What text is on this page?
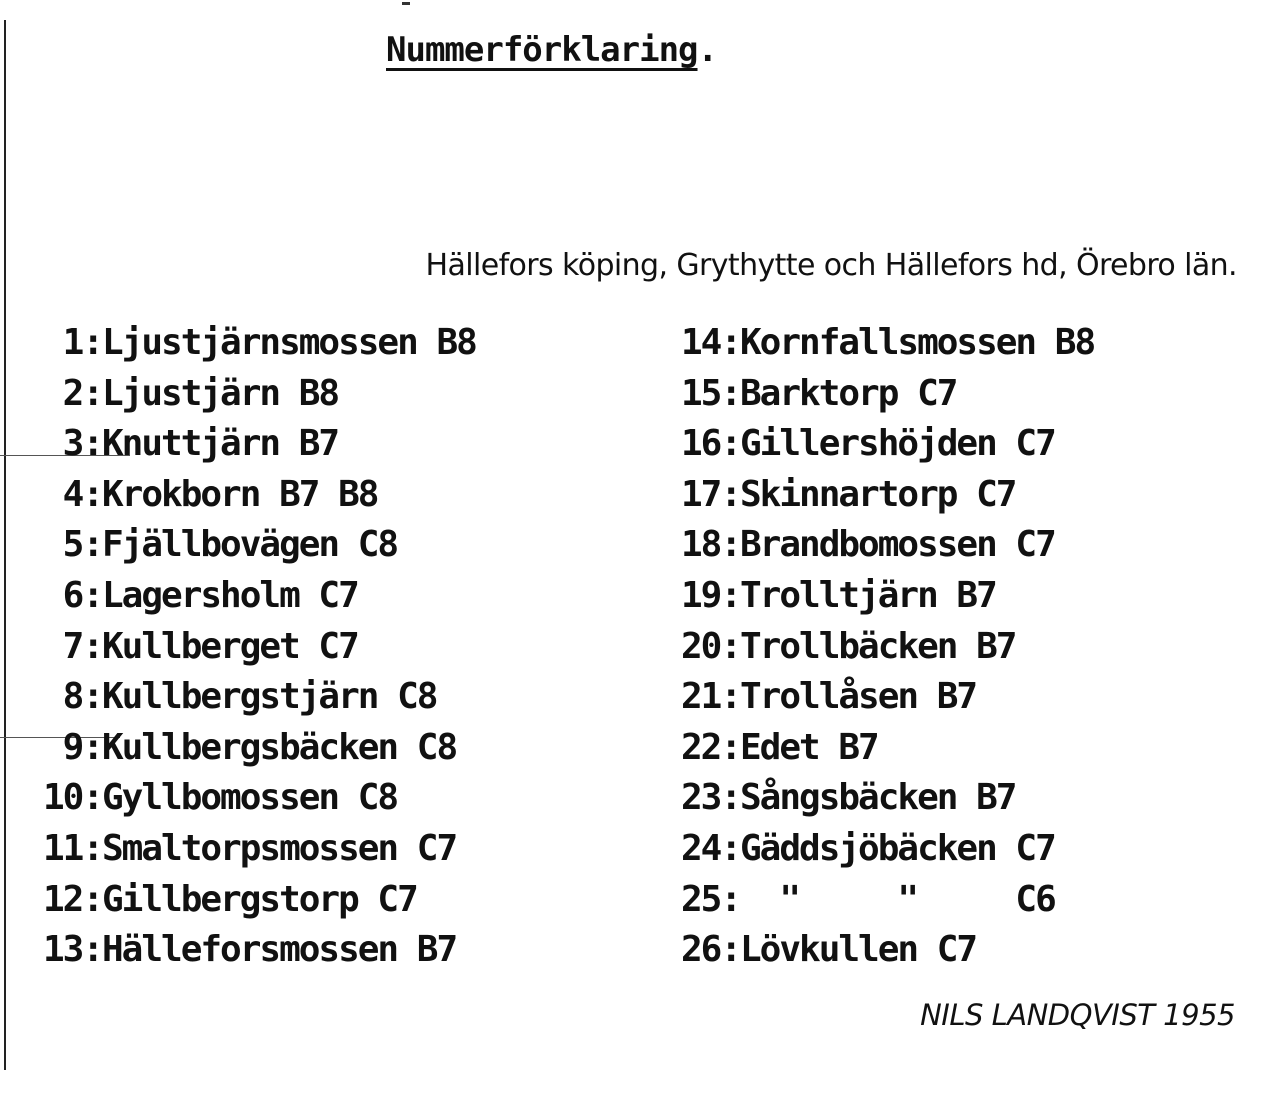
Nummerförklaring.
Hällefors köping, Grythytte och Hällefors hd, Örebro län.
1:Ljustjärnsmossen B8
2:Ljustjärn B8
3:Knuttjärn B7
4:Krokborn B7 B8
5:Fjällbovägen C8
6:Lagersholm C7
7:Kullberget C7
8:Kullbergstjärn C8
9:Kullbergsbäcken C8
10:Gyllbomossen C8
11:Smaltorpsmossen C7
12:Gillbergstorp C7
13:Hälleforsmossen B7
14:Kornfallsmossen B8
15:Barktorp C7
16:Gillershöjden C7
17:Skinnartorp C7
18:Brandbomossen C7
19:Trolltjärn B7
20:Trollbäcken B7
21:Trollåsen B7
22:Edet B7
23:Sångsbäcken B7
24:Gäddsjöbäcken C7
25:  "     "     C6
26:Lövkullen C7
NILS LANDQVIST 1955
